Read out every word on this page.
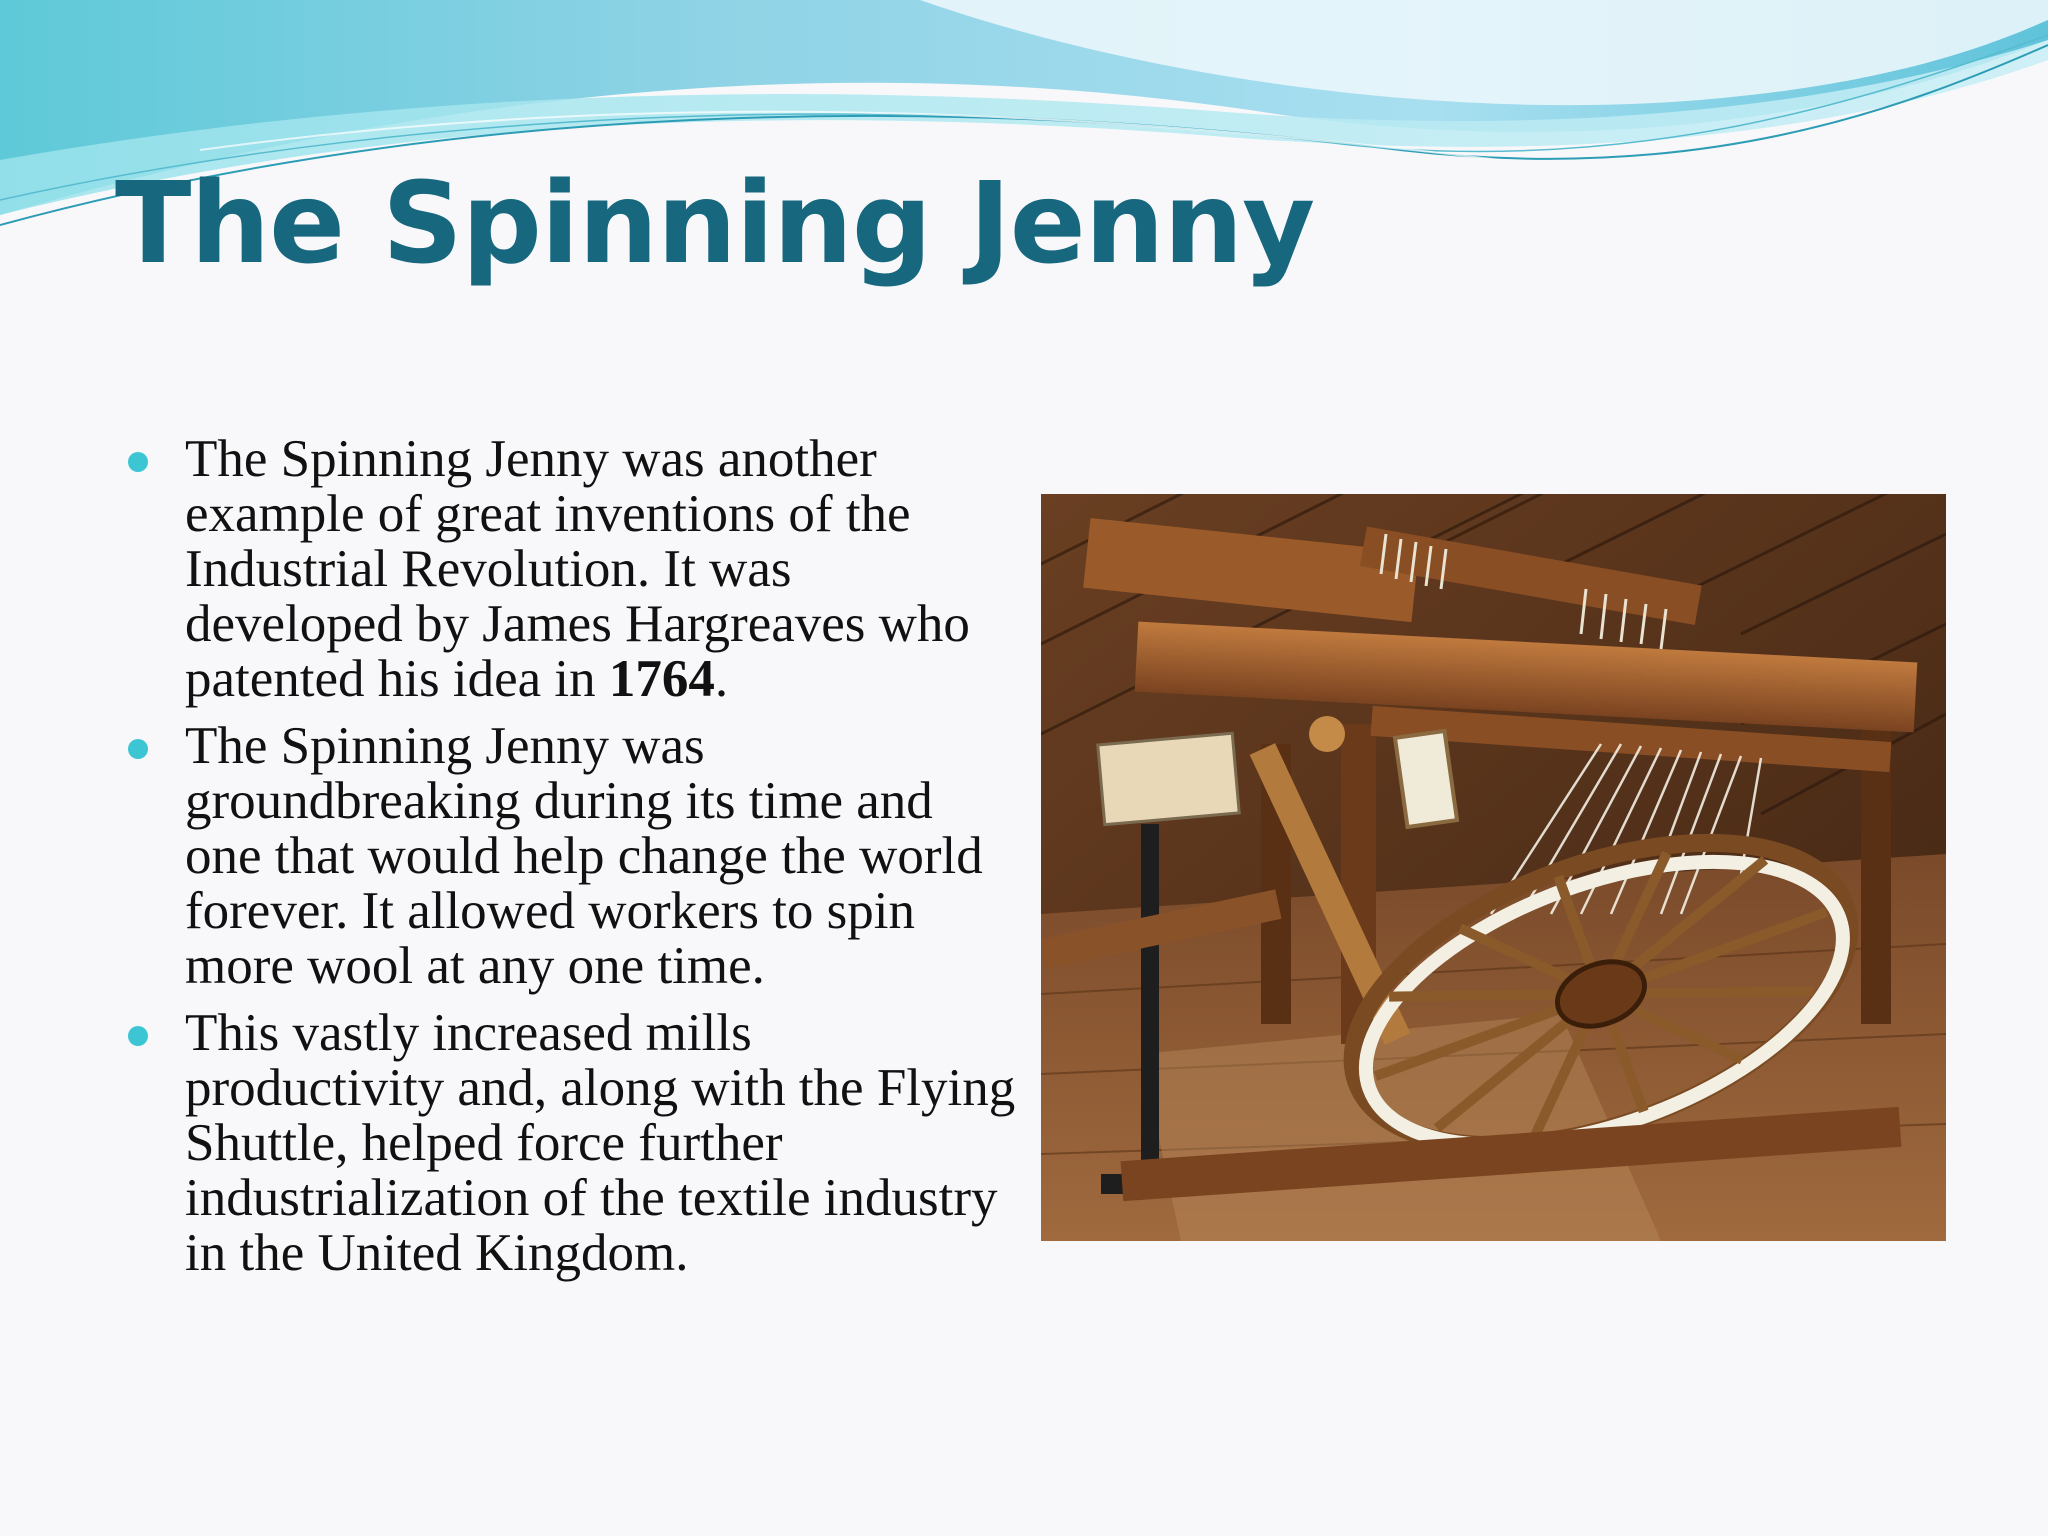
The Spinning Jenny
The Spinning Jenny was another example of great inventions of the Industrial Revolution. It was developed by James Hargreaves who patented his idea in 1764.
The Spinning Jenny was groundbreaking during its time and one that would help change the world forever. It allowed workers to spin more wool at any one time.
This vastly increased mills productivity and, along with the Flying Shuttle, helped force further industrialization of the textile industry in the United Kingdom.
